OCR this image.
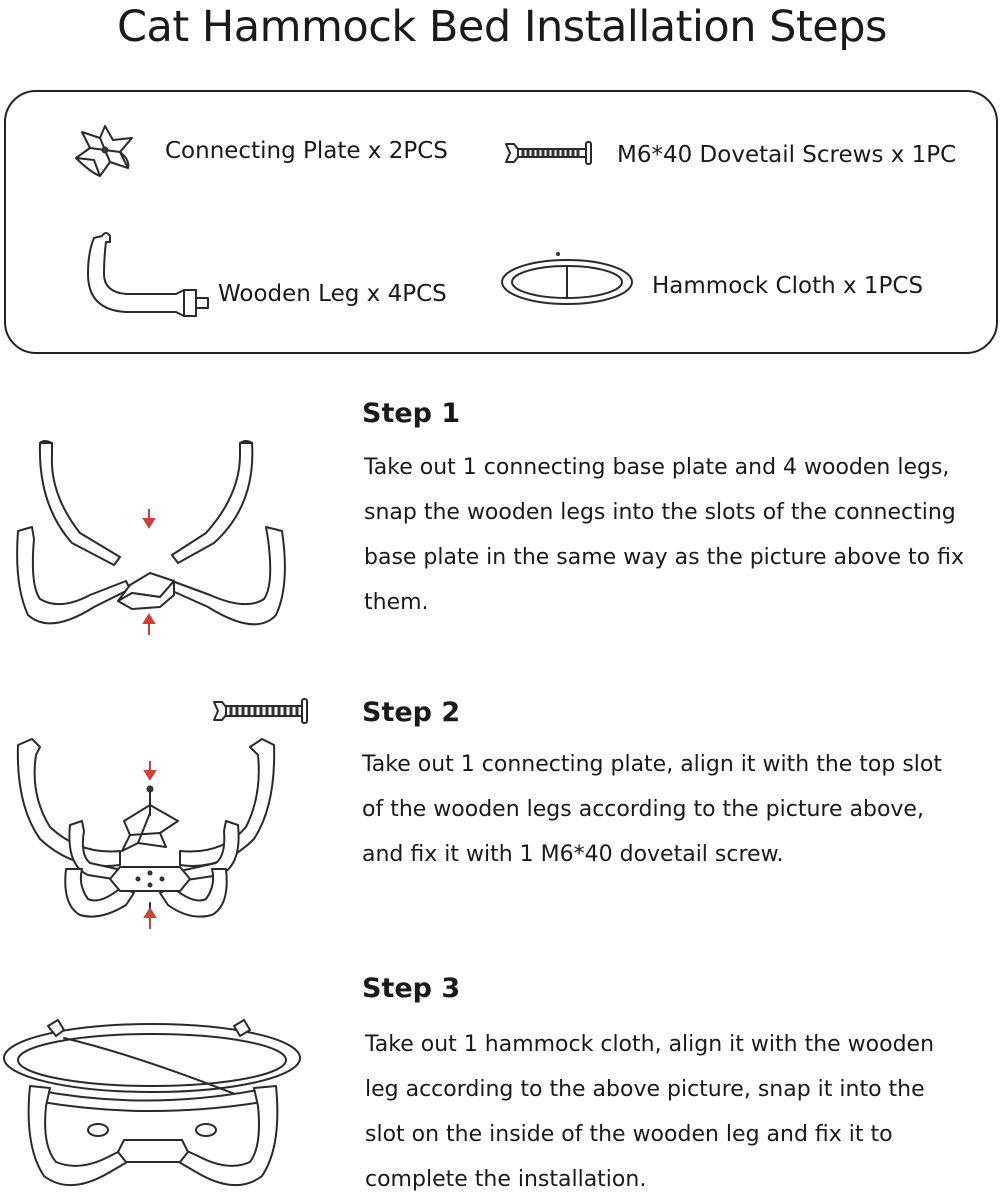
Cat Hammock Bed Installation Steps
Connecting Plate x 2PCS	M6*40 Dovetail Screws x 1PC
Wooden Leg x 4PCS	Hammock Cloth x 1PCS
Step 1
Take out 1 connecting base plate and 4 wooden legs,
snap the wooden legs into the slots of the connecting
base plate in the same way as the picture above to fix
them.
Step 2
Take out 1 connecting plate, align it with the top slot
of the wooden legs according to the picture above,
and fix it with 1 M6*40 dovetail screw.
Step 3
Take out 1 hammock cloth, align it with the wooden
leg according to the above picture, snap it into the
slot on the inside of the wooden leg and fix it to
complete the installation.
